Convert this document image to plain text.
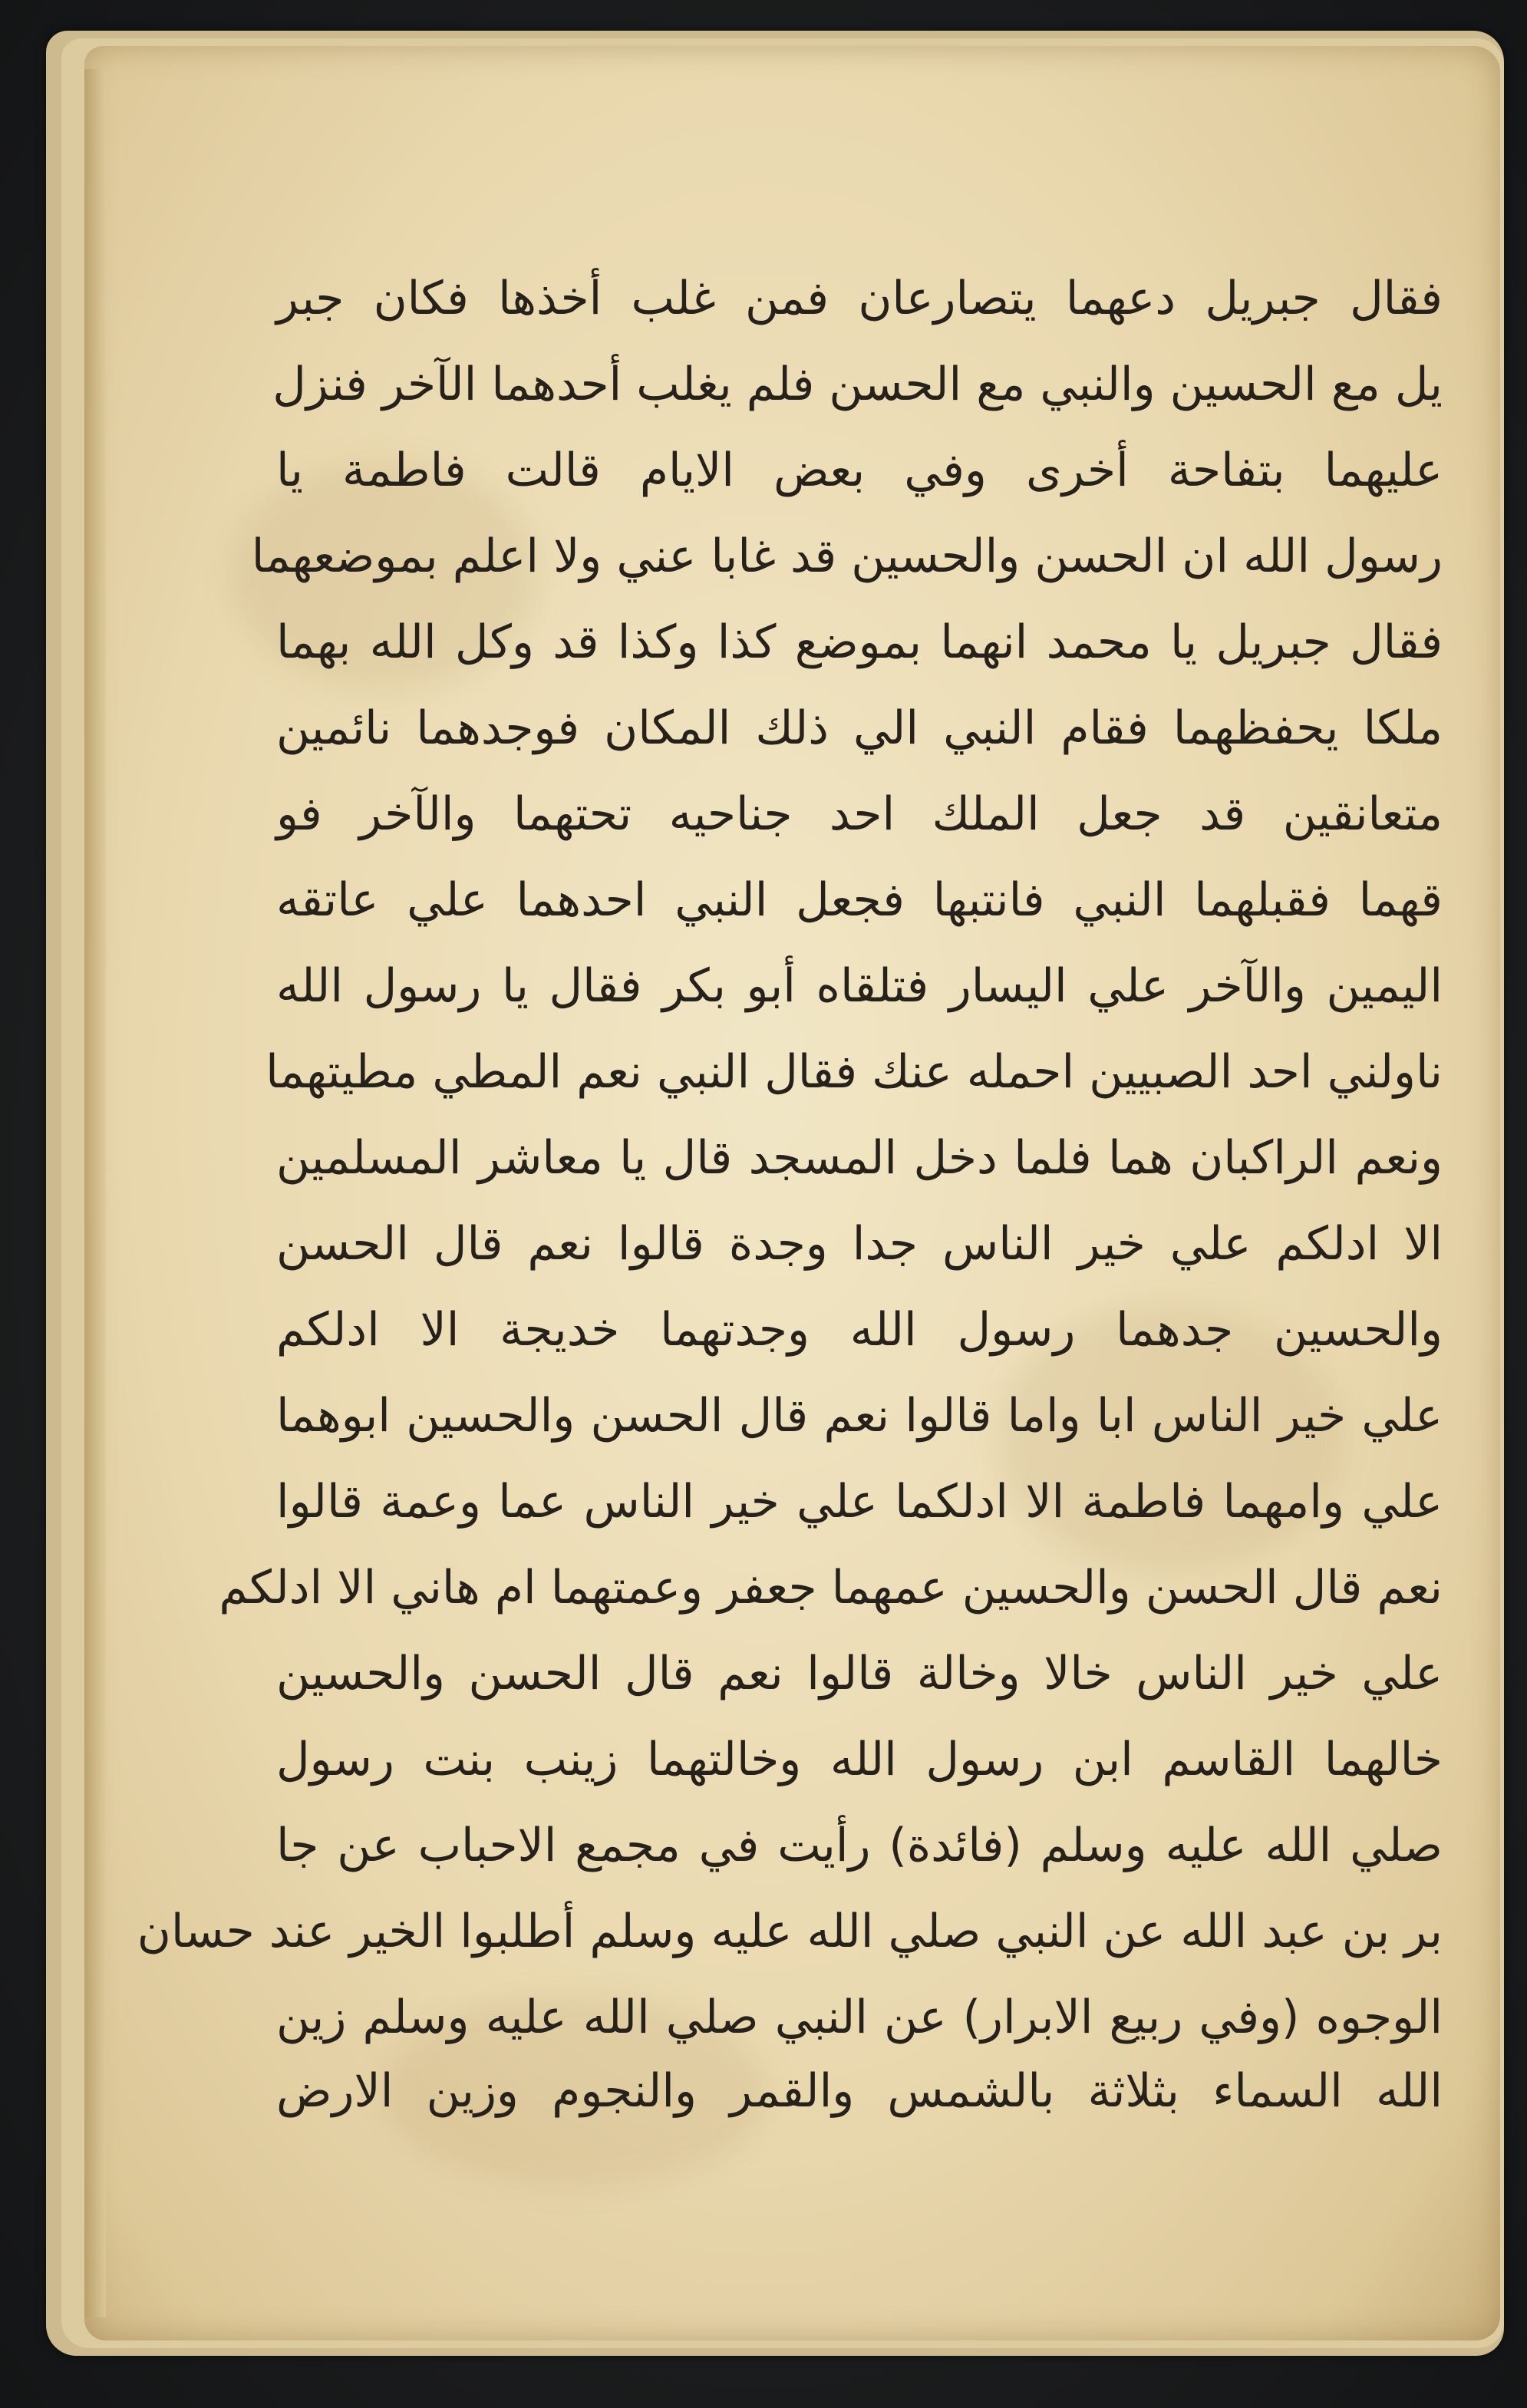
فقال جبريل دعهما يتصارعان فمن غلب أخذها فكان جبر
يل مع الحسين والنبي مع الحسن فلم يغلب أحدهما الآخر فنزل
عليهما بتفاحة أخرى وفي بعض الايام قالت فاطمة يا
رسول الله ان الحسن والحسين قد غابا عني ولا اعلم بموضعهما
فقال جبريل يا محمد انهما بموضع كذا وكذا قد وكل الله بهما
ملكا يحفظهما فقام النبي الي ذلك المكان فوجدهما نائمين
متعانقين قد جعل الملك احد جناحيه تحتهما والآخر فو
قهما فقبلهما النبي فانتبها فجعل النبي احدهما علي عاتقه
اليمين والآخر علي اليسار فتلقاه أبو بكر فقال يا رسول الله
ناولني احد الصبيين احمله عنك فقال النبي نعم المطي مطيتهما
ونعم الراكبان هما فلما دخل المسجد قال يا معاشر المسلمين
الا ادلكم علي خير الناس جدا وجدة قالوا نعم قال الحسن
والحسين جدهما رسول الله وجدتهما خديجة الا ادلكم
علي خير الناس ابا واما قالوا نعم قال الحسن والحسين ابوهما
علي وامهما فاطمة الا ادلكما علي خير الناس عما وعمة قالوا
نعم قال الحسن والحسين عمهما جعفر وعمتهما ام هاني الا ادلكم
علي خير الناس خالا وخالة قالوا نعم قال الحسن والحسين
خالهما القاسم ابن رسول الله وخالتهما زينب بنت رسول
صلي الله عليه وسلم (فائدة) رأيت في مجمع الاحباب عن جا
بر بن عبد الله عن النبي صلي الله عليه وسلم أطلبوا الخير عند حسان
الوجوه (وفي ربيع الابرار) عن النبي صلي الله عليه وسلم زين
الله السماء بثلاثة بالشمس والقمر والنجوم وزين الارض
